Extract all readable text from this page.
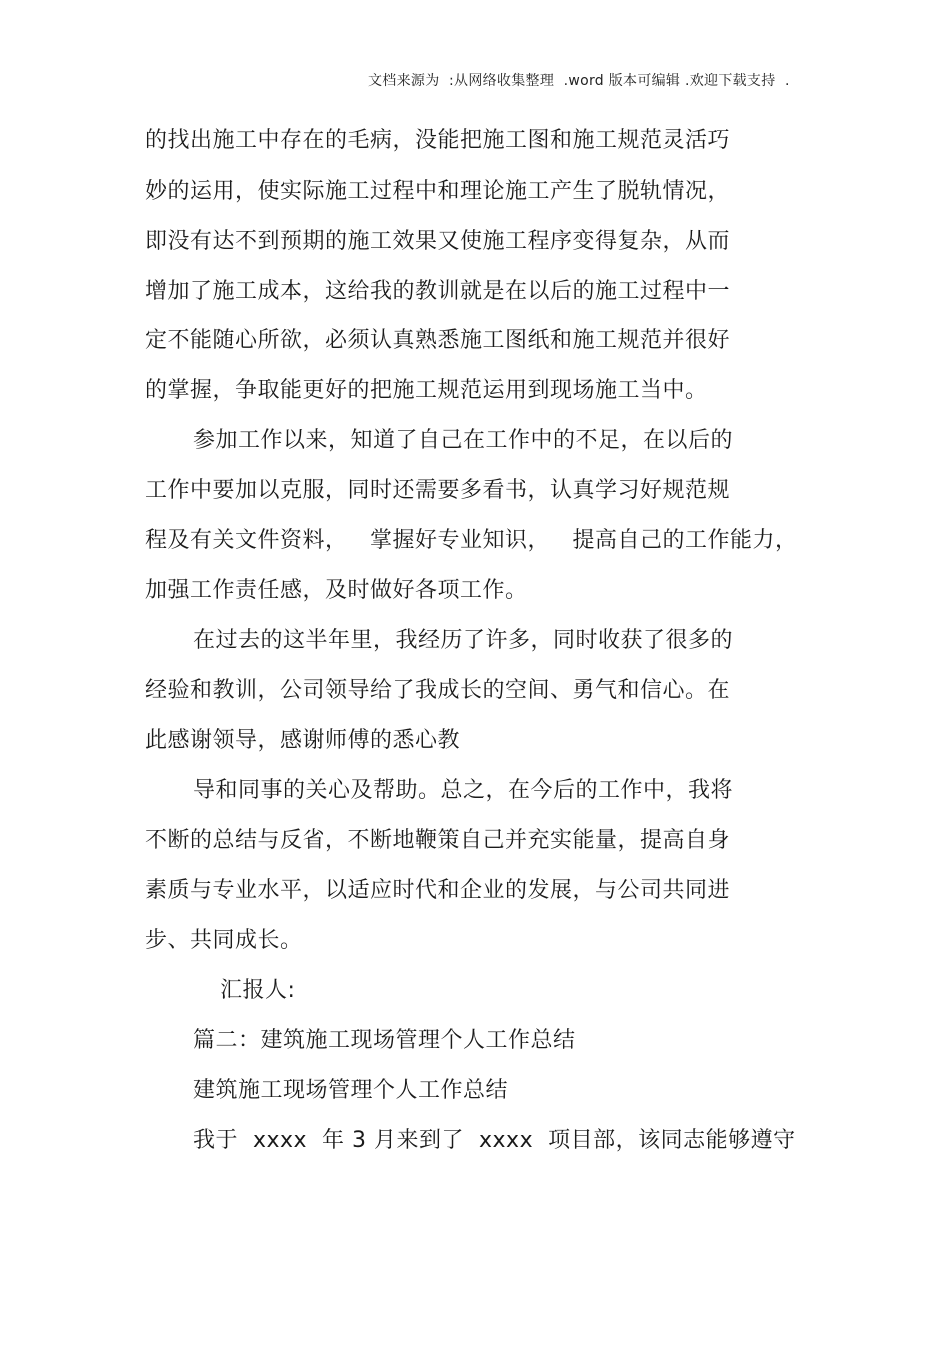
文档来源为  :从网络收集整理  .word 版本可编辑 .欢迎下载支持  .
的找出施工中存在的毛病，没能把施工图和施工规范灵活巧
妙的运用，使实际施工过程中和理论施工产生了脱轨情况，
即没有达不到预期的施工效果又使施工程序变得复杂，从而
增加了施工成本，这给我的教训就是在以后的施工过程中一
定不能随心所欲，必须认真熟悉施工图纸和施工规范并很好
的掌握，争取能更好的把施工规范运用到现场施工当中。
参加工作以来，知道了自己在工作中的不足，在以后的
工作中要加以克服，同时还需要多看书，认真学习好规范规
程及有关文件资料，   掌握好专业知识，   提高自己的工作能力，
加强工作责任感，及时做好各项工作。
在过去的这半年里，我经历了许多，同时收获了很多的
经验和教训，公司领导给了我成长的空间、勇气和信心。在
此感谢领导，感谢师傅的悉心教
导和同事的关心及帮助。总之，在今后的工作中，我将
不断的总结与反省，不断地鞭策自己并充实能量，提高自身
素质与专业水平，以适应时代和企业的发展，与公司共同进
步、共同成长。
汇报人:
篇二：建筑施工现场管理个人工作总结
建筑施工现场管理个人工作总结
我于  xxxx  年 3 月来到了  xxxx  项目部，该同志能够遵守
